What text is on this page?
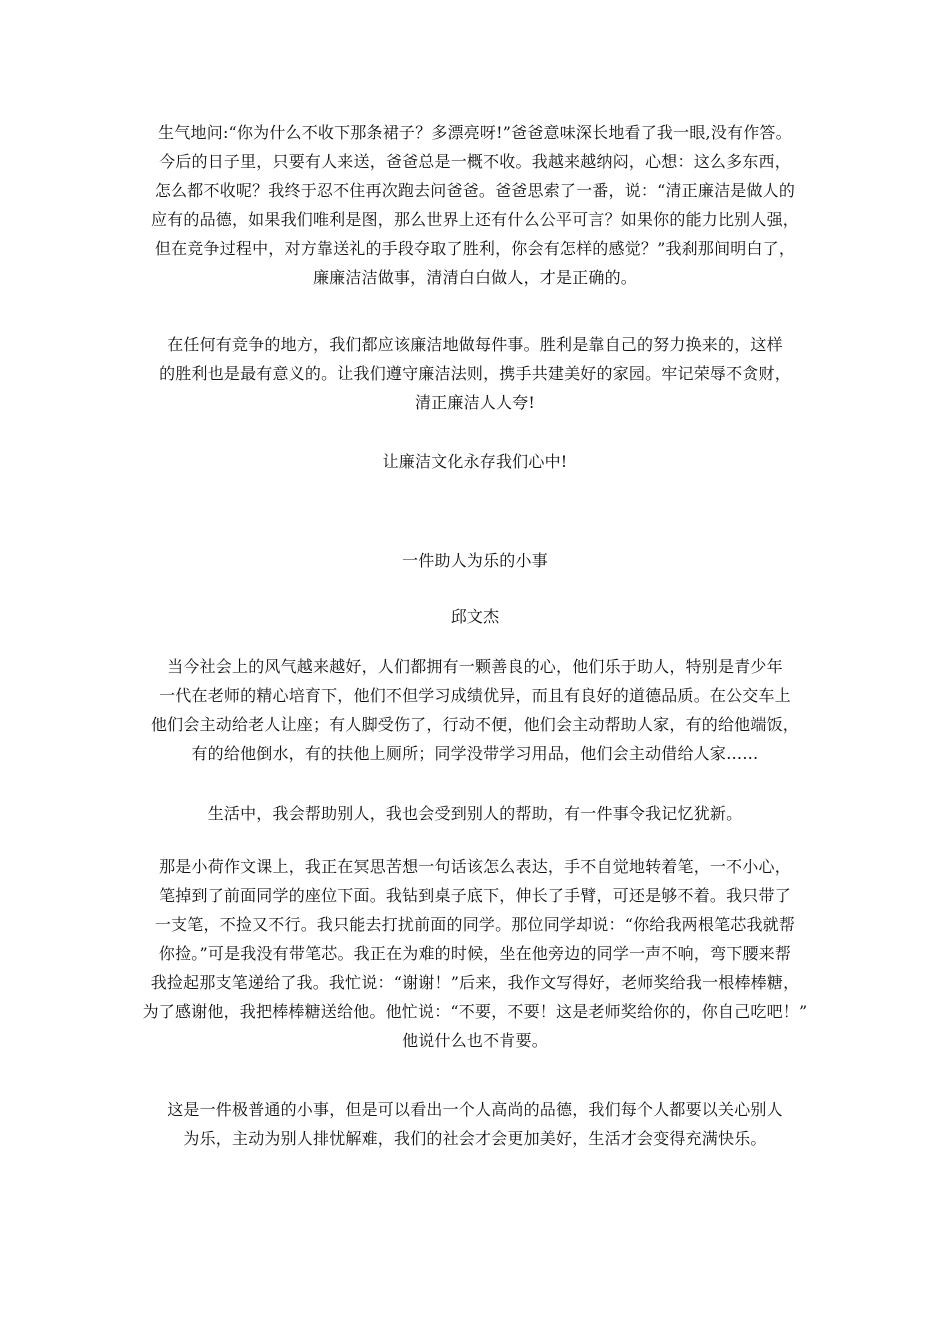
生气地问:“你为什么不收下那条裙子？多漂亮呀!”爸爸意味深长地看了我一眼,没有作答。
今后的日子里，只要有人来送，爸爸总是一概不收。我越来越纳闷，心想：这么多东西，
怎么都不收呢？我终于忍不住再次跑去问爸爸。爸爸思索了一番，说：“清正廉洁是做人的
应有的品德，如果我们唯利是图，那么世界上还有什么公平可言？如果你的能力比别人强，
但在竞争过程中，对方靠送礼的手段夺取了胜利，你会有怎样的感觉？”我刹那间明白了，
廉廉洁洁做事，清清白白做人，才是正确的。
在任何有竞争的地方，我们都应该廉洁地做每件事。胜利是靠自己的努力换来的，这样
的胜利也是最有意义的。让我们遵守廉洁法则，携手共建美好的家园。牢记荣辱不贪财，
清正廉洁人人夸!
让廉洁文化永存我们心中!
一件助人为乐的小事
邱文杰
当今社会上的风气越来越好，人们都拥有一颗善良的心，他们乐于助人，特别是青少年
一代在老师的精心培育下，他们不但学习成绩优异，而且有良好的道德品质。在公交车上
他们会主动给老人让座；有人脚受伤了，行动不便，他们会主动帮助人家，有的给他端饭，
有的给他倒水，有的扶他上厕所；同学没带学习用品，他们会主动借给人家……
生活中，我会帮助别人，我也会受到别人的帮助，有一件事令我记忆犹新。
那是小荷作文课上，我正在冥思苦想一句话该怎么表达，手不自觉地转着笔，一不小心，
笔掉到了前面同学的座位下面。我钻到桌子底下，伸长了手臂，可还是够不着。我只带了
一支笔，不捡又不行。我只能去打扰前面的同学。那位同学却说：“你给我两根笔芯我就帮
你捡。”可是我没有带笔芯。我正在为难的时候，坐在他旁边的同学一声不响，弯下腰来帮
我捡起那支笔递给了我。我忙说：“谢谢！”后来，我作文写得好，老师奖给我一根棒棒糖，
为了感谢他，我把棒棒糖送给他。他忙说：“不要，不要！这是老师奖给你的，你自己吃吧！”
他说什么也不肯要。
这是一件极普通的小事，但是可以看出一个人高尚的品德，我们每个人都要以关心别人
为乐，主动为别人排忧解难，我们的社会才会更加美好，生活才会变得充满快乐。
